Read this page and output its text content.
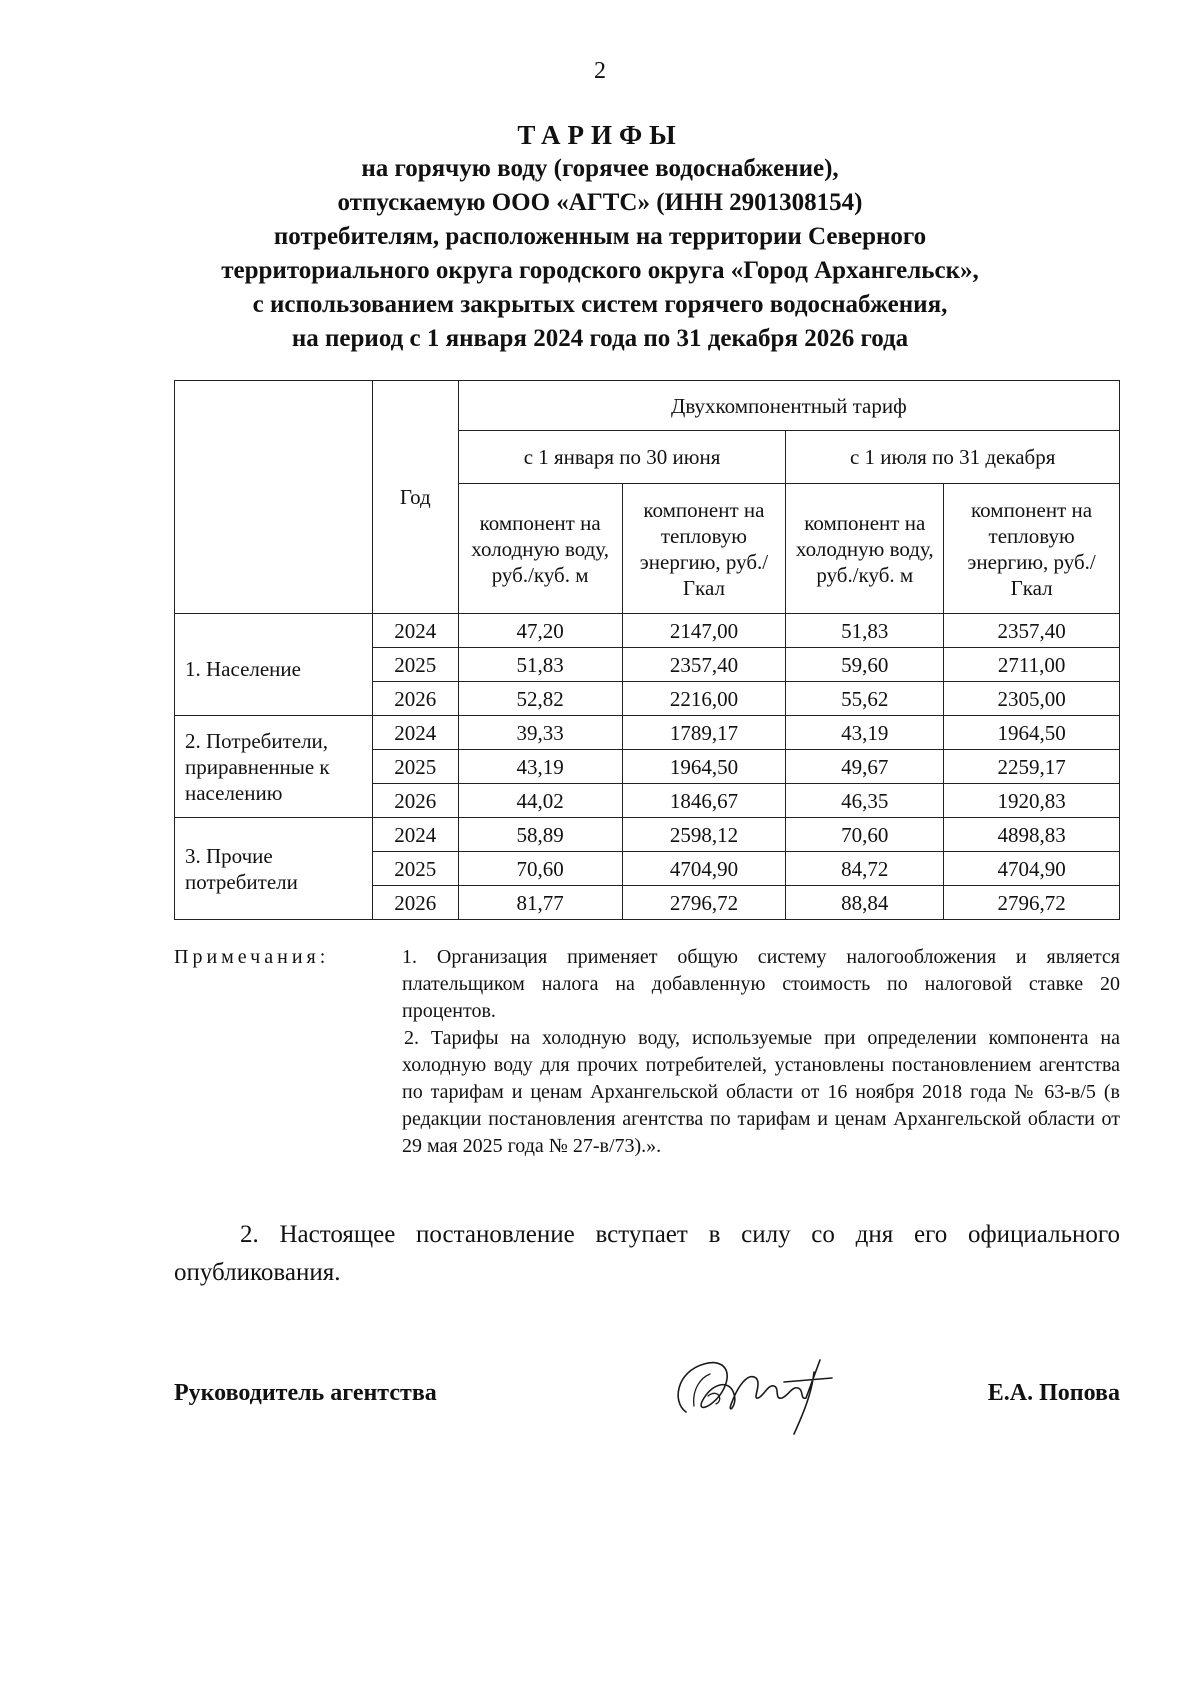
2
ТАРИФЫ
на горячую воду (горячее водоснабжение),
отпускаемую ООО «АГТС» (ИНН 2901308154)
потребителям, расположенным на территории Северного
территориального округа городского округа «Город Архангельск»,
с использованием закрытых систем горячего водоснабжения,
на период с 1 января 2024 года по 31 декабря 2026 года
	Год	Двухкомпонентный тариф			
		с 1 января по 30 июня		с 1 июля по 31 декабря	
		компонент на холодную воду, руб./куб. м	компонент на тепловую энергию, руб./Гкал	компонент на холодную воду, руб./куб. м	компонент на тепловую энергию, руб./Гкал
1. Население	2024	47,20	2147,00	51,83	2357,40
	2025	51,83	2357,40	59,60	2711,00
	2026	52,82	2216,00	55,62	2305,00
2. Потребители, приравненные к населению	2024	39,33	1789,17	43,19	1964,50
	2025	43,19	1964,50	49,67	2259,17
	2026	44,02	1846,67	46,35	1920,83
3. Прочие потребители	2024	58,89	2598,12	70,60	4898,83
	2025	70,60	4704,90	84,72	4704,90
	2026	81,77	2796,72	88,84	2796,72
Примечания:	1. Организация применяет общую систему налогообложения и является плательщиком налога на добавленную стоимость по налоговой ставке 20 процентов.

2. Тарифы на холодную воду, используемые при определении компонента на холодную воду для прочих потребителей, установлены постановлением агентства по тарифам и ценам Архангельской области от 16 ноября 2018 года № 63-в/5 (в редакции постановления агентства по тарифам и ценам Архангельской области от 29 мая 2025 года № 27-в/73).».

2. Настоящее постановление вступает в силу со дня его официального опубликования.
Руководитель агентства	Е.А. Попова
